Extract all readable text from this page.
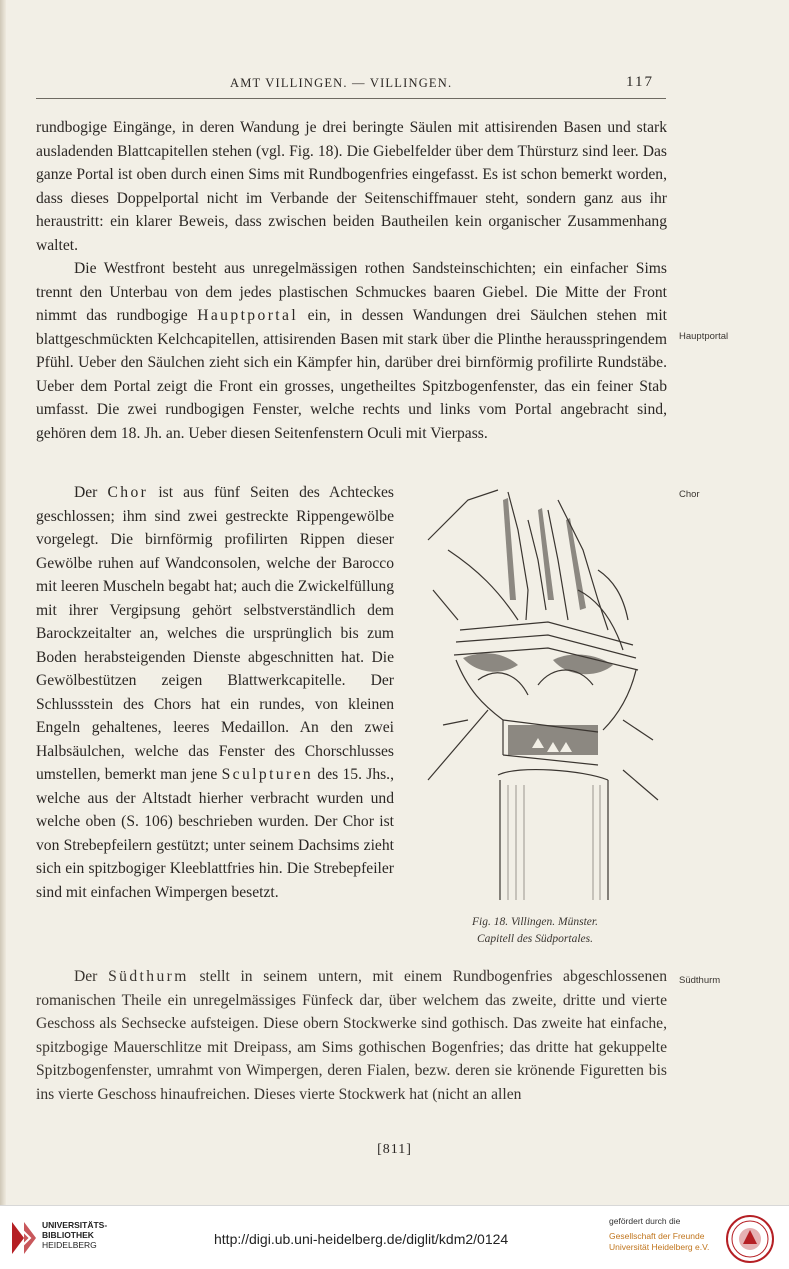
AMT VILLINGEN. — VILLINGEN.	117

rundbogige Eingänge, in deren Wandung je drei beringte Säulen mit attisirenden Basen und stark ausladenden Blattcapitellen stehen (vgl. Fig. 18). Die Giebelfelder über dem Thürsturz sind leer. Das ganze Portal ist oben durch einen Sims mit Rundbogenfries eingefasst. Es ist schon bemerkt worden, dass dieses Doppelportal nicht im Verbande der Seitenschiffmauer steht, sondern ganz aus ihr heraustritt: ein klarer Beweis, dass zwischen beiden Bautheilen kein organischer Zusammenhang waltet.

Die Westfront besteht aus unregelmässigen rothen Sandsteinschichten; ein einfacher Sims trennt den Unterbau von dem jedes plastischen Schmuckes baaren Giebel. Die Mitte der Front nimmt das rundbogige Hauptportal ein, in dessen Wandungen drei Säulchen stehen mit blattgeschmückten Kelchcapitellen, attisirenden Basen mit stark über die Plinthe herausspringendem Pfühl. Ueber den Säulchen zieht sich ein Kämpfer hin, darüber drei birnförmig profilirte Rundstäbe. Ueber dem Portal zeigt die Front ein grosses, ungetheiltes Spitzbogenfenster, das ein feiner Stab umfasst. Die zwei rundbogigen Fenster, welche rechts und links vom Portal angebracht sind, gehören dem 18. Jh. an. Ueber diesen Seitenfenstern Oculi mit Vierpass.

Der Chor ist aus fünf Seiten des Achteckes geschlossen; ihm sind zwei gestreckte Rippengewölbe vorgelegt. Die birnförmig profilirten Rippen dieser Gewölbe ruhen auf Wandconsolen, welche der Barocco mit leeren Muscheln begabt hat; auch die Zwickelfüllung mit ihrer Vergipsung gehört selbstverständlich dem Barockzeitalter an, welches die ursprünglich bis zum Boden herabsteigenden Dienste abgeschnitten hat. Die Gewölbestützen zeigen Blattwerkcapitelle. Der Schlussstein des Chors hat ein rundes, von kleinen Engeln gehaltenes, leeres Medaillon. An den zwei Halbsäulchen, welche das Fenster des Chorschlusses umstellen, bemerkt man jene Sculpturen des 15. Jhs., welche aus der Altstadt hierher verbracht wurden und welche oben (S. 106) beschrieben wurden. Der Chor ist von Strebepfeilern gestützt; unter seinem Dachsims zieht sich ein spitzbogiger Kleeblattfries hin. Die Strebepfeiler sind mit einfachen Wimpergen besetzt.

Fig. 18. Villingen. Münster.
Capitell des Südportales.

Der Südthurm stellt in seinem untern, mit einem Rundbogenfries abgeschlossenen romanischen Theile ein unregelmässiges Fünfeck dar, über welchem das zweite, dritte und vierte Geschoss als Sechsecke aufsteigen. Diese obern Stockwerke sind gothisch. Das zweite hat einfache, spitzbogige Mauerschlitze mit Dreipass, am Sims gothischen Bogenfries; das dritte hat gekuppelte Spitzbogenfenster, umrahmt von Wimpergen, deren Fialen, bezw. deren sie krönende Figuretten bis ins vierte Geschoss hinaufreichen. Dieses vierte Stockwerk hat (nicht an allen

Hauptportal
Chor
Südthurm
[811]
UNIVERSITÄTS-
BIBLIOTHEK
HEIDELBERG	http://digi.ub.uni-heidelberg.de/diglit/kdm2/0124
gefördert durch die
Gesellschaft der Freunde
Universität Heidelberg e.V.
